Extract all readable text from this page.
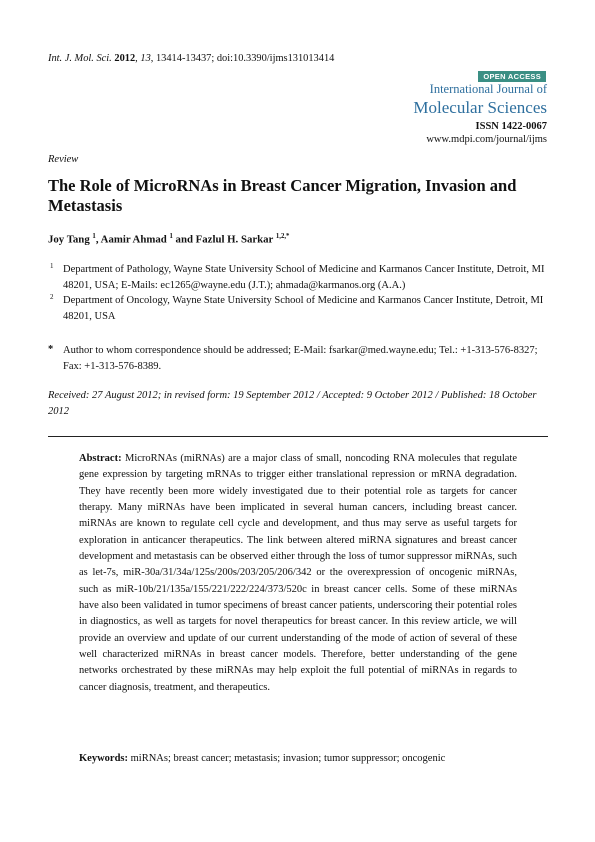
Int. J. Mol. Sci. 2012, 13, 13414-13437; doi:10.3390/ijms131013414
OPEN ACCESS
International Journal of
Molecular Sciences
ISSN 1422-0067
www.mdpi.com/journal/ijms
Review
The Role of MicroRNAs in Breast Cancer Migration, Invasion and Metastasis
Joy Tang $^1$, Aamir Ahmad $^1$ and Fazlul H. Sarkar $^{1,2,*}$
1 Department of Pathology, Wayne State University School of Medicine and Karmanos Cancer Institute, Detroit, MI 48201, USA; E-Mails: ec1265@wayne.edu (J.T.); ahmada@karmanos.org (A.A.)
2 Department of Oncology, Wayne State University School of Medicine and Karmanos Cancer Institute, Detroit, MI 48201, USA
* Author to whom correspondence should be addressed; E-Mail: fsarkar@med.wayne.edu; Tel.: +1-313-576-8327; Fax: +1-313-576-8389.
Received: 27 August 2012; in revised form: 19 September 2012 / Accepted: 9 October 2012 / Published: 18 October 2012
Abstract: MicroRNAs (miRNAs) are a major class of small, noncoding RNA molecules that regulate gene expression by targeting mRNAs to trigger either translational repression or mRNA degradation. They have recently been more widely investigated due to their potential role as targets for cancer therapy. Many miRNAs have been implicated in several human cancers, including breast cancer. miRNAs are known to regulate cell cycle and development, and thus may serve as useful targets for exploration in anticancer therapeutics. The link between altered miRNA signatures and breast cancer development and metastasis can be observed either through the loss of tumor suppressor miRNAs, such as let-7s, miR-30a/31/34a/125s/200s/203/205/206/342 or the overexpression of oncogenic miRNAs, such as miR-10b/21/135a/155/221/222/224/373/520c in breast cancer cells. Some of these miRNAs have also been validated in tumor specimens of breast cancer patients, underscoring their potential roles in diagnostics, as well as targets for novel therapeutics for breast cancer. In this review article, we will provide an overview and update of our current understanding of the mode of action of several of these well characterized miRNAs in breast cancer models. Therefore, better understanding of the gene networks orchestrated by these miRNAs may help exploit the full potential of miRNAs in regards to cancer diagnosis, treatment, and therapeutics.
Keywords: miRNAs; breast cancer; metastasis; invasion; tumor suppressor; oncogenic
